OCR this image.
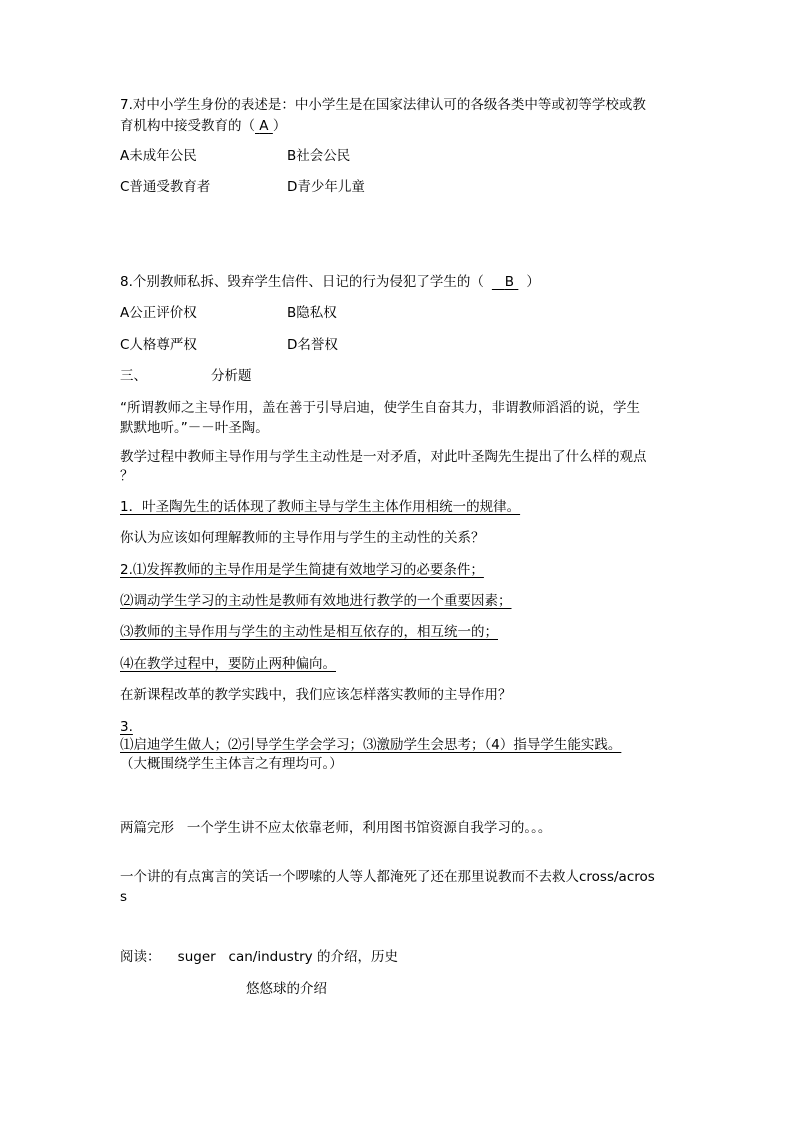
7.对中小学生身份的表述是：中小学生是在国家法律认可的各级各类中等或初等学校或教
育机构中接受教育的（ A ）
A未成年公民	B社会公民
C普通受教育者	D青少年儿童
8.个别教师私拆、毁弃学生信件、日记的行为侵犯了学生的（ B ）
A公正评价权	B隐私权
C人格尊严权	D名誉权
三、	分析题
“所谓教师之主导作用，盖在善于引导启迪，使学生自奋其力，非谓教师滔滔的说，学生
默默地听。”－－叶圣陶。
教学过程中教师主导作用与学生主动性是一对矛盾，对此叶圣陶先生提出了什么样的观点
？
1．叶圣陶先生的话体现了教师主导与学生主体作用相统一的规律。
你认为应该如何理解教师的主导作用与学生的主动性的关系？
2.⑴发挥教师的主导作用是学生简捷有效地学习的必要条件；
⑵调动学生学习的主动性是教师有效地进行教学的一个重要因素；
⑶教师的主导作用与学生的主动性是相互依存的，相互统一的；
⑷在教学过程中，要防止两种偏向。
在新课程改革的教学实践中，我们应该怎样落实教师的主导作用？
3.
⑴启迪学生做人；⑵引导学生学会学习；⑶激励学生会思考；（4）指导学生能实践。
（大概围绕学生主体言之有理均可。）
两篇完形   一个学生讲不应太依靠老师，利用图书馆资源自我学习的。。。
一个讲的有点寓言的笑话一个啰嗦的人等人都淹死了还在那里说教而不去救人cross/acros
s
阅读：    suger   can/industry 的介绍，历史
悠悠球的介绍
